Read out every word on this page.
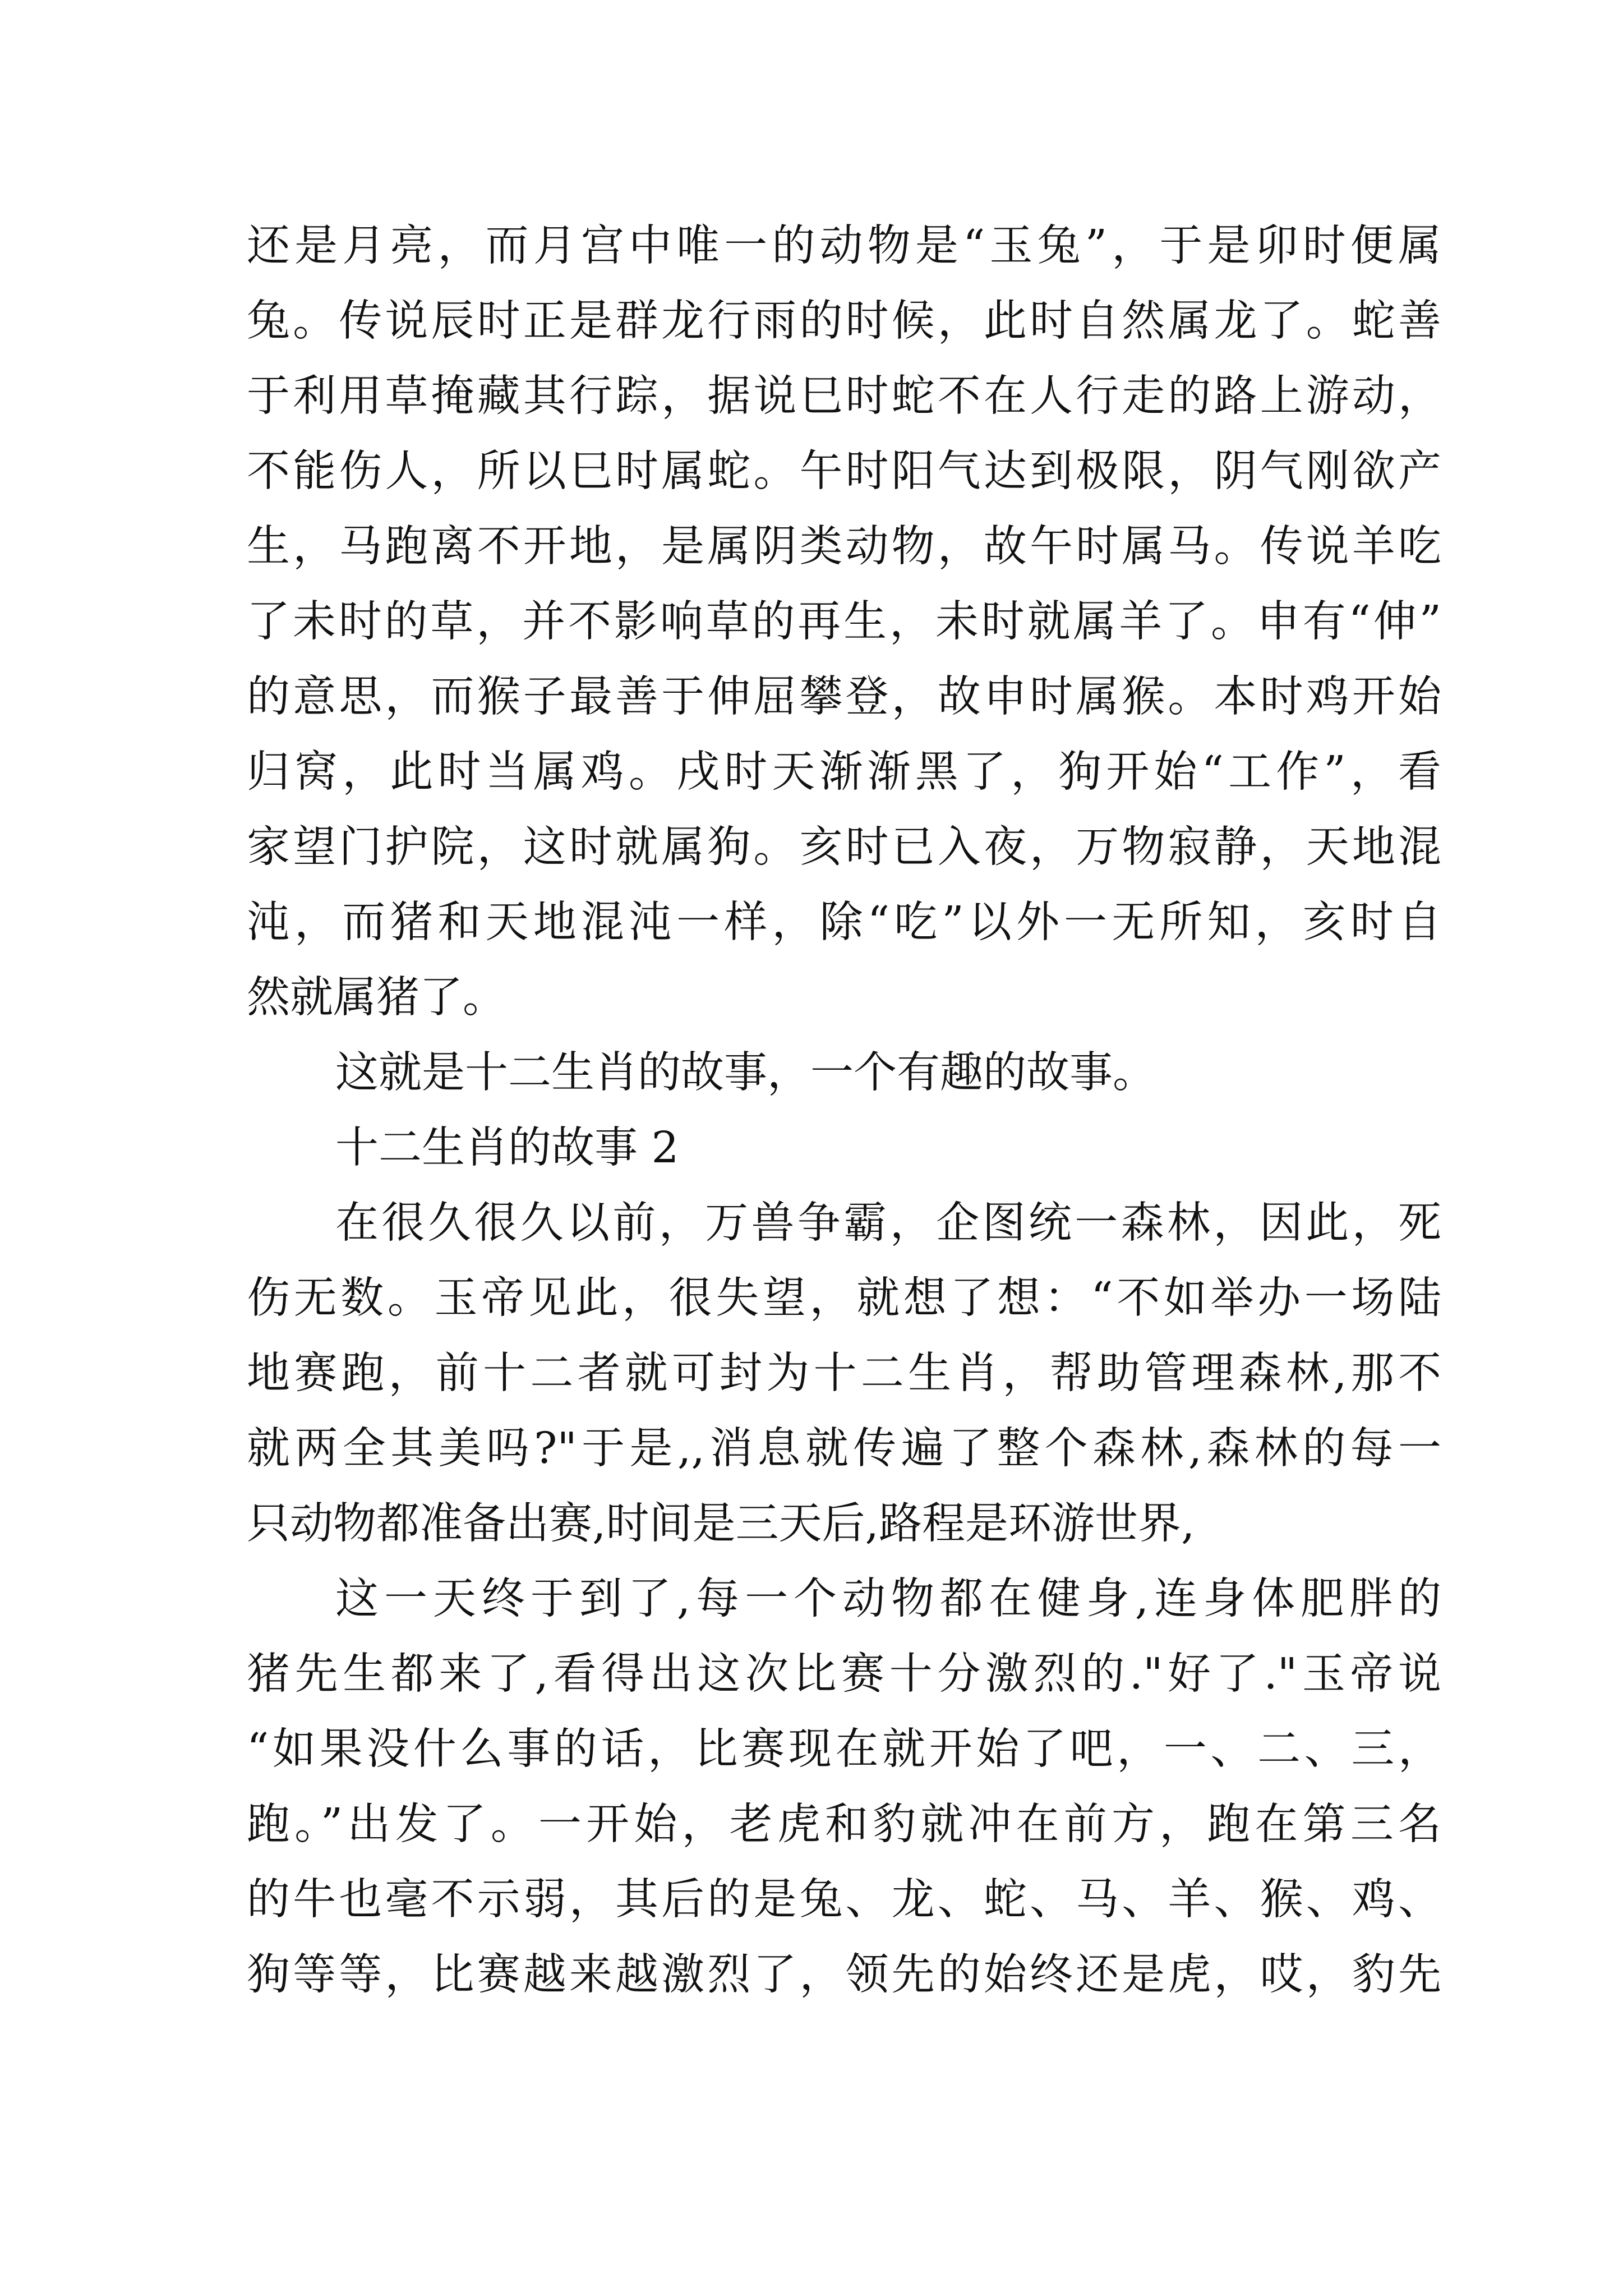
还是月亮，而月宫中唯一的动物是“玉兔”，于是卯时便属
兔。传说辰时正是群龙行雨的时候，此时自然属龙了。蛇善
于利用草掩藏其行踪，据说巳时蛇不在人行走的路上游动，
不能伤人，所以巳时属蛇。午时阳气达到极限，阴气刚欲产
生，马跑离不开地，是属阴类动物，故午时属马。传说羊吃
了未时的草，并不影响草的再生，未时就属羊了。申有“伸”
的意思，而猴子最善于伸屈攀登，故申时属猴。本时鸡开始
归窝，此时当属鸡。戌时天渐渐黑了，狗开始“工作”，看
家望门护院，这时就属狗。亥时已入夜，万物寂静，天地混
沌，而猪和天地混沌一样，除“吃”以外一无所知，亥时自
然就属猪了。
这就是十二生肖的故事，一个有趣的故事。
十二生肖的故事 2
在很久很久以前，万兽争霸，企图统一森林，因此，死
伤无数。玉帝见此，很失望，就想了想：“不如举办一场陆
地赛跑，前十二者就可封为十二生肖，帮助管理森林,那不
就两全其美吗?"于是,,消息就传遍了整个森林,森林的每一
只动物都准备出赛,时间是三天后,路程是环游世界,
这一天终于到了,每一个动物都在健身,连身体肥胖的
猪先生都来了,看得出这次比赛十分激烈的."好了."玉帝说
“如果没什么事的话，比赛现在就开始了吧，一、二、三，
跑。”出发了。一开始，老虎和豹就冲在前方，跑在第三名
的牛也毫不示弱，其后的是兔、龙、蛇、马、羊、猴、鸡、
狗等等，比赛越来越激烈了，领先的始终还是虎，哎，豹先
